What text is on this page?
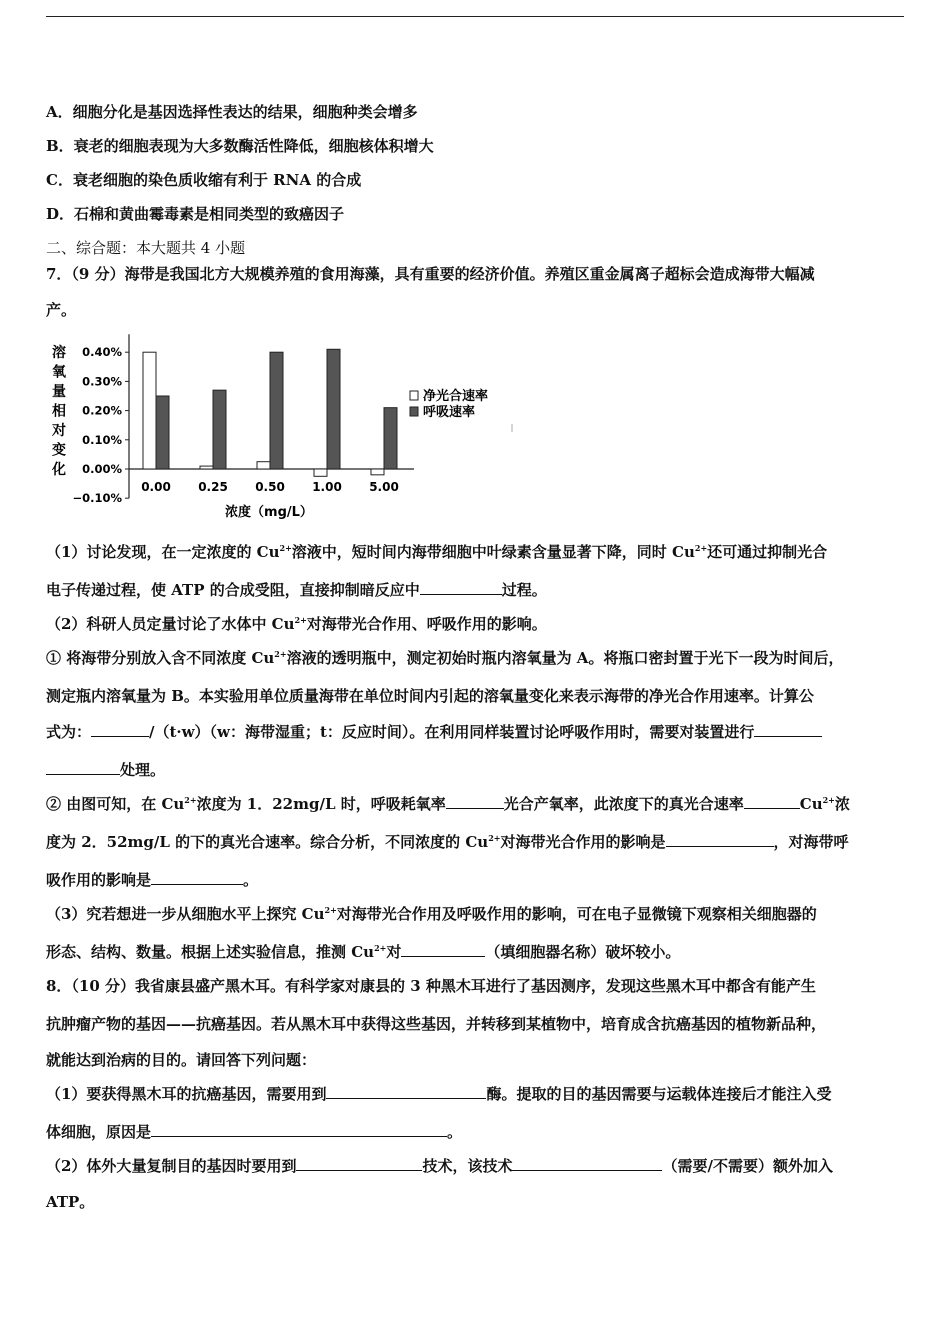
A．细胞分化是基因选择性表达的结果，细胞种类会增多
B．衰老的细胞表现为大多数酶活性降低，细胞核体积增大
C．衰老细胞的染色质收缩有利于 RNA 的合成
D．石棉和黄曲霉毒素是相同类型的致癌因子
二、综合题：本大题共 4 小题
7．（9 分）海带是我国北方大规模养殖的食用海藻，具有重要的经济价值。养殖区重金属离子超标会造成海带大幅减
产。
溶
氧
量
相
对
变
化
0.40%
0.30%
0.20%
0.10%
0.00%
−0.10%
0.00 0.25 0.50 1.00 5.00
浓度（mg/L）
净光合速率
呼吸速率
（1）讨论发现，在一定浓度的 $Cu^{2+}$溶液中，短时间内海带细胞中叶绿素含量显著下降，同时 $Cu^{2+}$还可通过抑制光合
电子传递过程，使 ATP 的合成受阻，直接抑制暗反应中	过程。
（2）科研人员定量讨论了水体中 $Cu^{2+}$对海带光合作用、呼吸作用的影响。
① 将海带分别放入含不同浓度 $Cu^{2+}$溶液的透明瓶中，测定初始时瓶内溶氧量为 A。将瓶口密封置于光下一段为时间后，
测定瓶内溶氧量为 B。本实验用单位质量海带在单位时间内引起的溶氧量变化来表示海带的净光合作用速率。计算公
式为：	/（t·w）（w：海带湿重；t：反应时间）。在利用同样装置讨论呼吸作用时，需要对装置进行
处理。
② 由图可知，在 $Cu^{2+}$浓度为 1．22mg/L 时，呼吸耗氧率	光合产氧率，此浓度下的真光合速率	$Cu^{2+}$浓
度为 2．52mg/L 的下的真光合速率。综合分析，不同浓度的 $Cu^{2+}$对海带光合作用的影响是	，对海带呼
吸作用的影响是	。
（3）究若想进一步从细胞水平上探究 $Cu^{2+}$对海带光合作用及呼吸作用的影响，可在电子显微镜下观察相关细胞器的
形态、结构、数量。根据上述实验信息，推测 $Cu^{2+}$对	（填细胞器名称）破坏较小。
8．（10 分）我省康县盛产黑木耳。有科学家对康县的 3 种黑木耳进行了基因测序，发现这些黑木耳中都含有能产生
抗肿瘤产物的基因——抗癌基因。若从黑木耳中获得这些基因，并转移到某植物中，培育成含抗癌基因的植物新品种，
就能达到治病的目的。请回答下列问题：
（1）要获得黑木耳的抗癌基因，需要用到	酶。提取的目的基因需要与运载体连接后才能注入受
体细胞，原因是	。
（2）体外大量复制目的基因时要用到	技术，该技术	（需要/不需要）额外加入
ATP。
